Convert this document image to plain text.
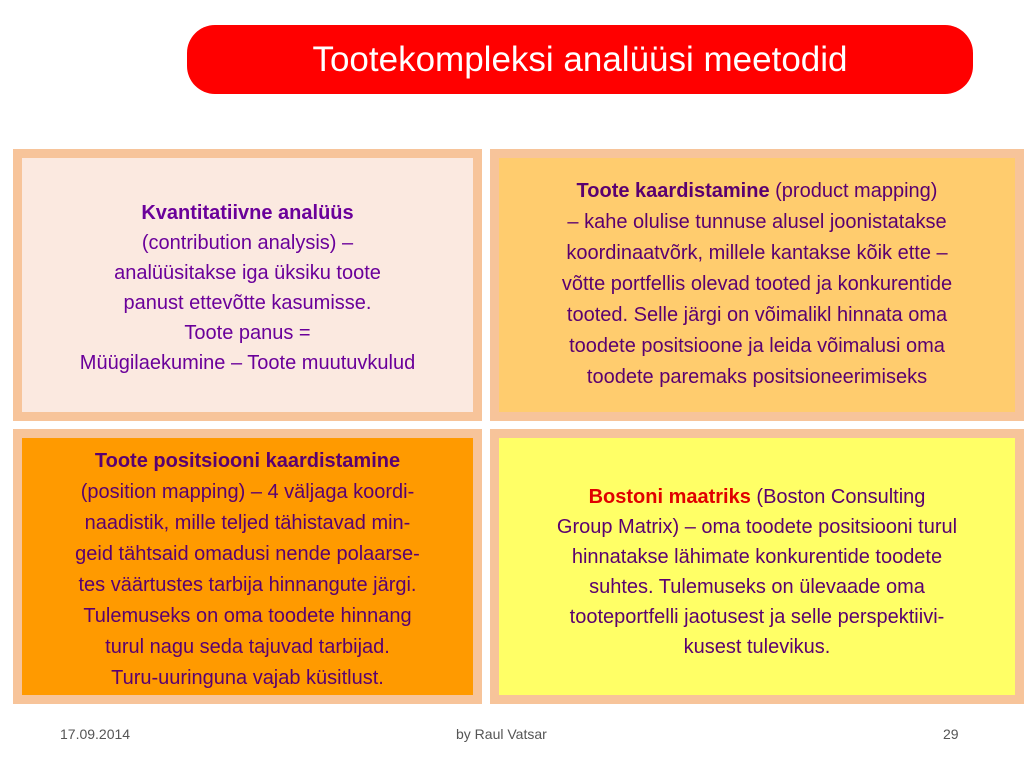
Tootekompleksi analüüsi meetodid
Kvantitatiivne analüüs
(contribution analysis) –
analüüsitakse iga üksiku toote
panust ettevõtte kasumisse.
Toote panus =
Müügilaekumine – Toote muutuvkulud
Toote kaardistamine (product mapping)
– kahe olulise tunnuse alusel joonistatakse
koordinaatvõrk, millele kantakse kõik ette –
võtte portfellis olevad tooted ja konkurentide
tooted. Selle järgi on võimalikl hinnata oma
toodete positsioone ja leida võimalusi oma
toodete paremaks positsioneerimiseks
Toote positsiooni kaardistamine
(position mapping) – 4 väljaga koordi-
naadistik, mille teljed tähistavad min-
geid tähtsaid omadusi nende polaarse-
tes väärtustes tarbija hinnangute järgi.
Tulemuseks on oma toodete hinnang
turul nagu seda tajuvad tarbijad.
Turu-uuringuna vajab küsitlust.
Bostoni maatriks (Boston Consulting
Group Matrix) – oma toodete positsiooni turul
hinnatakse lähimate konkurentide toodete
suhtes. Tulemuseks on ülevaade oma
tooteportfelli jaotusest ja selle perspektiivi-
kusest tulevikus.
17.09.2014	by Raul Vatsar	29
